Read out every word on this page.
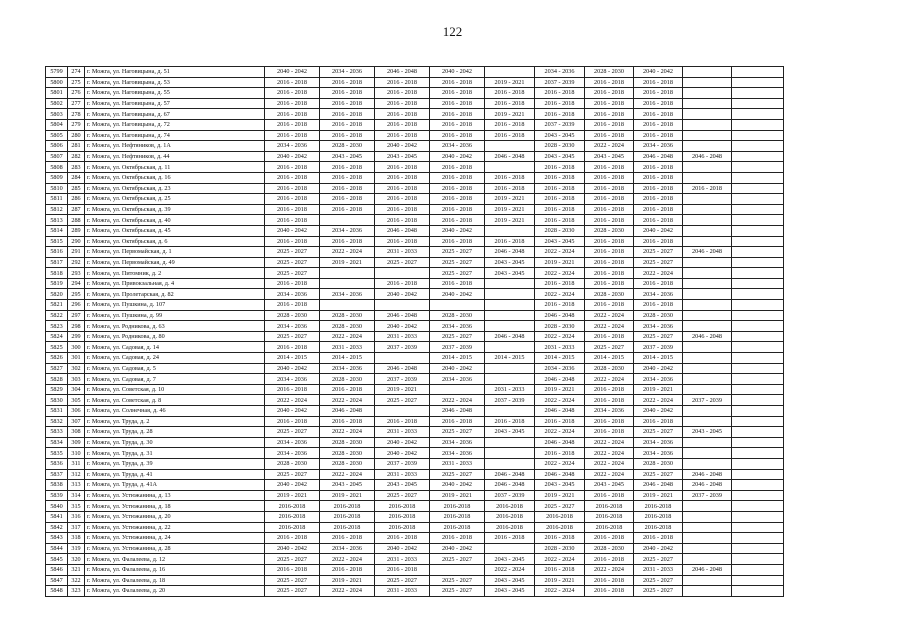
122
5799	274	г. Можга, ул. Наговицына, д. 51	2040 - 2042	2034 - 2036	2046 - 2048	2040 - 2042		2034 - 2036	2028 - 2030	2040 - 2042		
5800	275	г. Можга, ул. Наговицына, д. 53	2016 - 2018	2016 - 2018	2016 - 2018	2016 - 2018	2019 - 2021	2037 - 2039	2016 - 2018	2016 - 2018		
5801	276	г. Можга, ул. Наговицына, д. 55	2016 - 2018	2016 - 2018	2016 - 2018	2016 - 2018	2016 - 2018	2016 - 2018	2016 - 2018	2016 - 2018		
5802	277	г. Можга, ул. Наговицына, д. 57	2016 - 2018	2016 - 2018	2016 - 2018	2016 - 2018	2016 - 2018	2016 - 2018	2016 - 2018	2016 - 2018		
5803	278	г. Можга, ул. Наговицына, д. 67	2016 - 2018	2016 - 2018	2016 - 2018	2016 - 2018	2019 - 2021	2016 - 2018	2016 - 2018	2016 - 2018		
5804	279	г. Можга, ул. Наговицына, д. 72	2016 - 2018	2016 - 2018	2016 - 2018	2016 - 2018	2016 - 2018	2037 - 2039	2016 - 2018	2016 - 2018		
5805	280	г. Можга, ул. Наговицына, д. 74	2016 - 2018	2016 - 2018	2016 - 2018	2016 - 2018	2016 - 2018	2043 - 2045	2016 - 2018	2016 - 2018		
5806	281	г. Можга, ул. Нефтяников, д. 1А	2034 - 2036	2028 - 2030	2040 - 2042	2034 - 2036		2028 - 2030	2022 - 2024	2034 - 2036		
5807	282	г. Можга, ул. Нефтяников, д. 44	2040 - 2042	2043 - 2045	2043 - 2045	2040 - 2042	2046 - 2048	2043 - 2045	2043 - 2045	2046 - 2048	2046 - 2048	
5808	283	г. Можга, ул. Октябрьская, д. 11	2016 - 2018	2016 - 2018	2016 - 2018	2016 - 2018		2016 - 2018	2016 - 2018	2016 - 2018		
5809	284	г. Можга, ул. Октябрьская, д. 16	2016 - 2018	2016 - 2018	2016 - 2018	2016 - 2018	2016 - 2018	2016 - 2018	2016 - 2018	2016 - 2018		
5810	285	г. Можга, ул. Октябрьская, д. 23	2016 - 2018	2016 - 2018	2016 - 2018	2016 - 2018	2016 - 2018	2016 - 2018	2016 - 2018	2016 - 2018	2016 - 2018	
5811	286	г. Можга, ул. Октябрьская, д. 25	2016 - 2018	2016 - 2018	2016 - 2018	2016 - 2018	2019 - 2021	2016 - 2018	2016 - 2018	2016 - 2018		
5812	287	г. Можга, ул. Октябрьская, д. 39	2016 - 2018	2016 - 2018	2016 - 2018	2016 - 2018	2019 - 2021	2016 - 2018	2016 - 2018	2016 - 2018		
5813	288	г. Можга, ул. Октябрьская, д. 40	2016 - 2018		2016 - 2018	2016 - 2018	2019 - 2021	2016 - 2018	2016 - 2018	2016 - 2018		
5814	289	г. Можга, ул. Октябрьская, д. 45	2040 - 2042	2034 - 2036	2046 - 2048	2040 - 2042		2028 - 2030	2028 - 2030	2040 - 2042		
5815	290	г. Можга, ул. Октябрьская, д. 6	2016 - 2018	2016 - 2018	2016 - 2018	2016 - 2018	2016 - 2018	2043 - 2045	2016 - 2018	2016 - 2018		
5816	291	г. Можга, ул. Первомайская, д. 1	2025 - 2027	2022 - 2024	2031 - 2033	2025 - 2027	2046 - 2048	2022 - 2024	2016 - 2018	2025 - 2027	2046 - 2048	
5817	292	г. Можга, ул. Первомайская, д. 49	2025 - 2027	2019 - 2021	2025 - 2027	2025 - 2027	2043 - 2045	2019 - 2021	2016 - 2018	2025 - 2027		
5818	293	г. Можга, ул. Питомник, д. 2	2025 - 2027			2025 - 2027	2043 - 2045	2022 - 2024	2016 - 2018	2022 - 2024		
5819	294	г. Можга, ул. Привокзальная, д. 4	2016 - 2018		2016 - 2018	2016 - 2018		2016 - 2018	2016 - 2018	2016 - 2018		
5820	295	г. Можга, ул. Пролетарская, д. 82	2034 - 2036	2034 - 2036	2040 - 2042	2040 - 2042		2022 - 2024	2028 - 2030	2034 - 2036		
5821	296	г. Можга, ул. Пушкина, д. 107	2016 - 2018					2016 - 2018	2016 - 2018	2016 - 2018		
5822	297	г. Можга, ул. Пушкина, д. 99	2028 - 2030	2028 - 2030	2046 - 2048	2028 - 2030		2046 - 2048	2022 - 2024	2028 - 2030		
5823	298	г. Можга, ул. Родникова, д. 63	2034 - 2036	2028 - 2030	2040 - 2042	2034 - 2036		2028 - 2030	2022 - 2024	2034 - 2036		
5824	299	г. Можга, ул. Родникова, д. 80	2025 - 2027	2022 - 2024	2031 - 2033	2025 - 2027	2046 - 2048	2022 - 2024	2016 - 2018	2025 - 2027	2046 - 2048	
5825	300	г. Можга, ул. Садовая, д. 14	2016 - 2018	2031 - 2033	2037 - 2039	2037 - 2039		2031 - 2033	2025 - 2027	2037 - 2039		
5826	301	г. Можга, ул. Садовая, д. 24	2014 - 2015	2014 - 2015		2014 - 2015	2014 - 2015	2014 - 2015	2014 - 2015	2014 - 2015		
5827	302	г. Можга, ул. Садовая, д. 5	2040 - 2042	2034 - 2036	2046 - 2048	2040 - 2042		2034 - 2036	2028 - 2030	2040 - 2042		
5828	303	г. Можга, ул. Садовая, д. 7	2034 - 2036	2028 - 2030	2037 - 2039	2034 - 2036		2046 - 2048	2022 - 2024	2034 - 2036		
5829	304	г. Можга, ул. Советская, д. 10	2016 - 2018	2016 - 2018	2019 - 2021		2031 - 2033	2019 - 2021	2016 - 2018	2019 - 2021		
5830	305	г. Можга, ул. Советская, д. 8	2022 - 2024	2022 - 2024	2025 - 2027	2022 - 2024	2037 - 2039	2022 - 2024	2016 - 2018	2022 - 2024	2037 - 2039	
5831	306	г. Можга, ул. Солнечная, д. 46	2040 - 2042	2046 - 2048		2046 - 2048		2046 - 2048	2034 - 2036	2040 - 2042		
5832	307	г. Можга, ул. Труда, д. 2	2016 - 2018	2016 - 2018	2016 - 2018	2016 - 2018	2016 - 2018	2016 - 2018	2016 - 2018	2016 - 2018		
5833	308	г. Можга, ул. Труда, д. 28	2025 - 2027	2022 - 2024	2031 - 2033	2025 - 2027	2043 - 2045	2022 - 2024	2016 - 2018	2025 - 2027	2043 - 2045	
5834	309	г. Можга, ул. Труда, д. 30	2034 - 2036	2028 - 2030	2040 - 2042	2034 - 2036		2046 - 2048	2022 - 2024	2034 - 2036		
5835	310	г. Можга, ул. Труда, д. 31	2034 - 2036	2028 - 2030	2040 - 2042	2034 - 2036		2016 - 2018	2022 - 2024	2034 - 2036		
5836	311	г. Можга, ул. Труда, д. 39	2028 - 2030	2028 - 2030	2037 - 2039	2031 - 2033		2022 - 2024	2022 - 2024	2028 - 2030		
5837	312	г. Можга, ул. Труда, д. 41	2025 - 2027	2022 - 2024	2031 - 2033	2025 - 2027	2046 - 2048	2046 - 2048	2022 - 2024	2025 - 2027	2046 - 2048	
5838	313	г. Можга, ул. Труда, д. 41А	2040 - 2042	2043 - 2045	2043 - 2045	2040 - 2042	2046 - 2048	2043 - 2045	2043 - 2045	2046 - 2048	2046 - 2048	
5839	314	г. Можга, ул. Устюжанина, д. 13	2019 - 2021	2019 - 2021	2025 - 2027	2019 - 2021	2037 - 2039	2019 - 2021	2016 - 2018	2019 - 2021	2037 - 2039	
5840	315	г. Можга, ул. Устюжанина, д. 18	2016-2018	2016-2018	2016-2018	2016-2018	2016-2018	2025 - 2027	2016-2018	2016-2018		
5841	316	г. Можга, ул. Устюжанина, д. 20	2016-2018	2016-2018	2016-2018	2016-2018	2016-2018	2016-2018	2016-2018	2016-2018		
5842	317	г. Можга, ул. Устюжанина, д. 22	2016-2018	2016-2018	2016-2018	2016-2018	2016-2018	2016-2018	2016-2018	2016-2018		
5843	318	г. Можга, ул. Устюжанина, д. 24	2016 - 2018	2016 - 2018	2016 - 2018	2016 - 2018	2016 - 2018	2016 - 2018	2016 - 2018	2016 - 2018		
5844	319	г. Можга, ул. Устюжанина, д. 28	2040 - 2042	2034 - 2036	2040 - 2042	2040 - 2042		2028 - 2030	2028 - 2030	2040 - 2042		
5845	320	г. Можга, ул. Фалалеева, д. 12	2025 - 2027	2022 - 2024	2031 - 2033	2025 - 2027	2043 - 2045	2022 - 2024	2016 - 2018	2025 - 2027		
5846	321	г. Можга, ул. Фалалеева, д. 16	2016 - 2018	2016 - 2018	2016 - 2018		2022 - 2024	2016 - 2018	2022 - 2024	2031 - 2033	2046 - 2048	
5847	322	г. Можга, ул. Фалалеева, д. 18	2025 - 2027	2019 - 2021	2025 - 2027	2025 - 2027	2043 - 2045	2019 - 2021	2016 - 2018	2025 - 2027		
5848	323	г. Можга, ул. Фалалеева, д. 20	2025 - 2027	2022 - 2024	2031 - 2033	2025 - 2027	2043 - 2045	2022 - 2024	2016 - 2018	2025 - 2027		
